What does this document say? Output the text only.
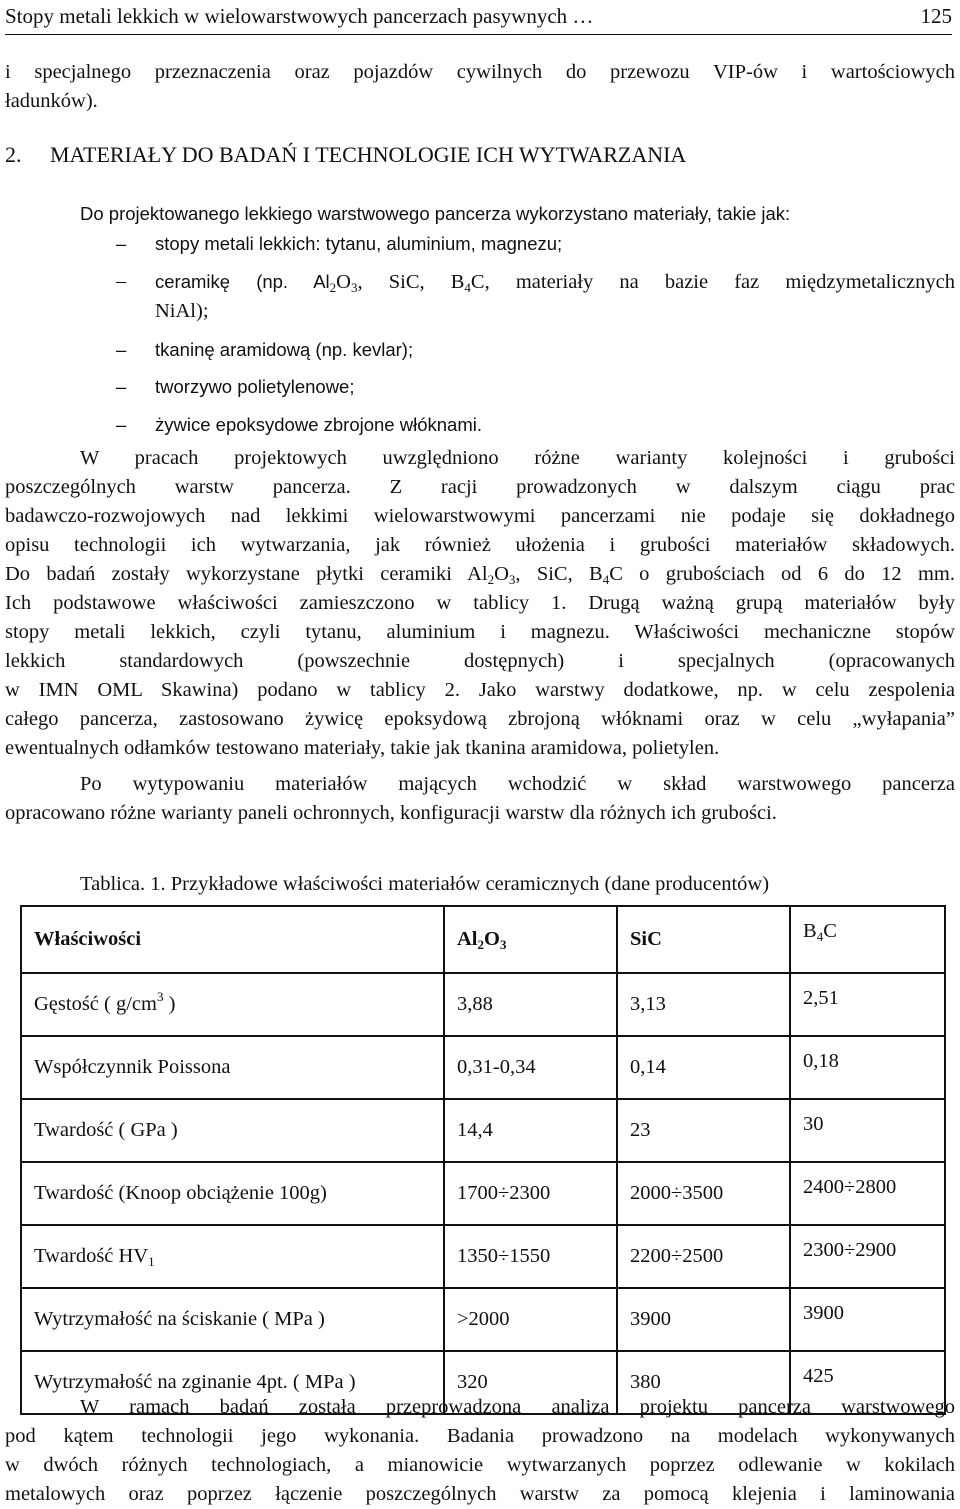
Stopy metali lekkich w wielowarstwowych pancerzach pasywnych …	125

i specjalnego przeznaczenia oraz pojazdów cywilnych do przewozu VIP-ów i wartościowych

ładunków).

2. MATERIAŁY DO BADAŃ I TECHNOLOGIE ICH WYTWARZANIA

Do projektowanego lekkiego warstwowego pancerza wykorzystano materiały, takie jak:

– stopy metali lekkich: tytanu, aluminium, magnezu;
– ceramikę (np. $Al_2O_3$, SiC, $B_4C$, materiały na bazie faz międzymetalicznych
NiAl);
– tkaninę aramidową (np. kevlar);
– tworzywo polietylenowe;
– żywice epoksydowe zbrojone włóknami.
W pracach projektowych uwzględniono różne warianty kolejności i grubości
poszczególnych warstw pancerza. Z racji prowadzonych w dalszym ciągu prac
badawczo-rozwojowych nad lekkimi wielowarstwowymi pancerzami nie podaje się dokładnego
opisu technologii ich wytwarzania, jak również ułożenia i grubości materiałów składowych.
Do badań zostały wykorzystane płytki ceramiki $Al_2O_3$, SiC, $B_4C$ o grubościach od 6 do 12 mm.
Ich podstawowe właściwości zamieszczono w tablicy 1. Drugą ważną grupą materiałów były
stopy metali lekkich, czyli tytanu, aluminium i magnezu. Właściwości mechaniczne stopów
lekkich standardowych (powszechnie dostępnych) i specjalnych (opracowanych
w IMN OML Skawina) podano w tablicy 2. Jako warstwy dodatkowe, np. w celu zespolenia
całego pancerza, zastosowano żywicę epoksydową zbrojoną włóknami oraz w celu „wyłapania”
ewentualnych odłamków testowano materiały, takie jak tkanina aramidowa, polietylen.
Po wytypowaniu materiałów mających wchodzić w skład warstwowego pancerza
opracowano różne warianty paneli ochronnych, konfiguracji warstw dla różnych ich grubości.
Tablica. 1. Przykładowe właściwości materiałów ceramicznych (dane producentów)
Właściwości	$Al_2O_3$	SiC	$B_4C$
Gęstość ( $g/cm^3$ )	3,88	3,13	2,51
Współczynnik Poissona	0,31-0,34	0,14	0,18
Twardość ( GPa )	14,4	23	30
Twardość (Knoop obciążenie 100g)	1700÷2300	2000÷3500	2400÷2800
Twardość $HV_1$	1350÷1550	2200÷2500	2300÷2900
Wytrzymałość na ściskanie ( MPa )	>2000	3900	3900
Wytrzymałość na zginanie 4pt. ( MPa )	320	380	425
W ramach badań została przeprowadzona analiza projektu pancerza warstwowego
pod kątem technologii jego wykonania. Badania prowadzono na modelach wykonywanych
w dwóch różnych technologiach, a mianowicie wytwarzanych poprzez odlewanie w kokilach
metalowych oraz poprzez łączenie poszczególnych warstw za pomocą klejenia i laminowania
